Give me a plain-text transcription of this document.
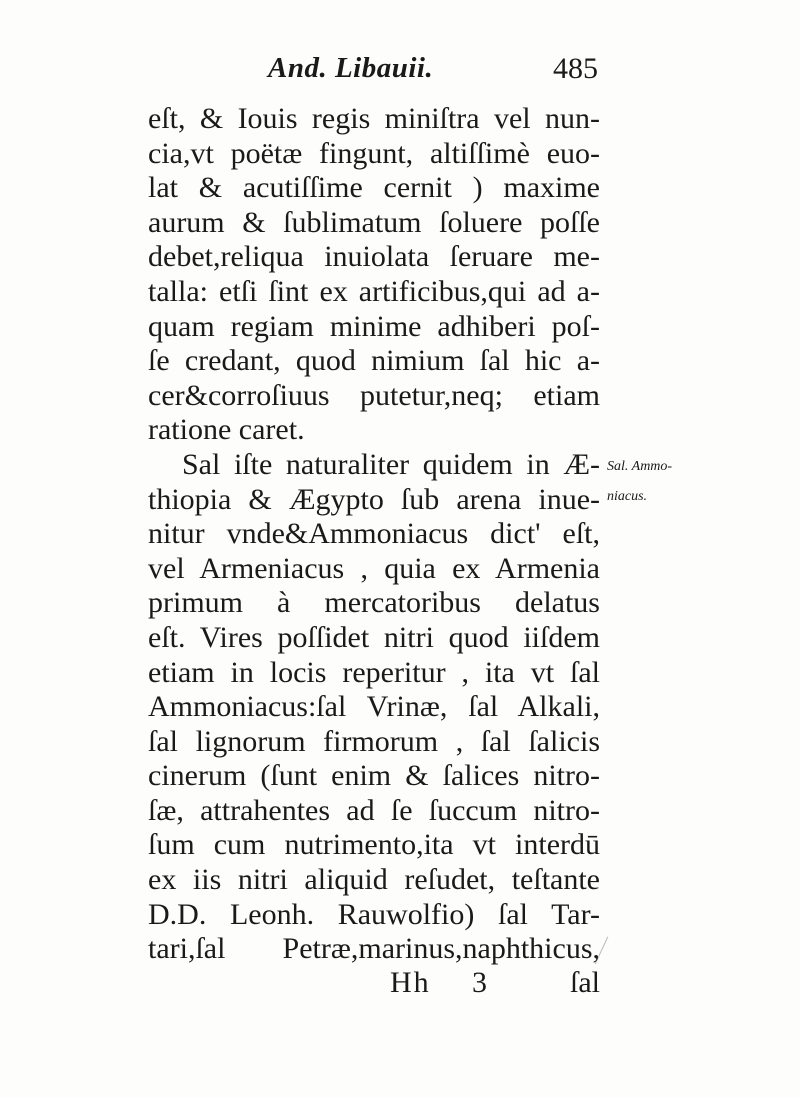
And. Libauii.	485
eſt, & Iouis regis miniſtra vel nun-
cia,vt poëtæ fingunt, altiſſimè euo-
lat & acutiſſime cernit ) maxime
aurum & ſublimatum ſoluere poſſe
debet,reliqua inuiolata ſeruare me-
talla: etſi ſint ex artificibus,qui ad a-
quam regiam minime adhiberi poſ-
ſe credant, quod nimium ſal hic a-
cer&corroſiuus putetur,neq; etiam
ratione caret.
Sal iſte naturaliter quidem in Æ-
thiopia & Ægypto ſub arena inue-
nitur vnde&Ammoniacus dict' eſt,
vel Armeniacus , quia ex Armenia
primum à mercatoribus delatus
eſt. Vires poſſidet nitri quod iiſdem
etiam in locis reperitur , ita vt ſal
Ammoniacus:ſal Vrinæ, ſal Alkali,
ſal lignorum firmorum , ſal ſalicis
cinerum (ſunt enim & ſalices nitro-
ſæ, attrahentes ad ſe ſuccum nitro-
ſum cum nutrimento,ita vt interdū
ex iis nitri aliquid reſudet, teſtante
D.D. Leonh. Rauwolfio) ſal Tar-
tari,ſal Petræ,marinus,naphthicus,
Sal. Ammo-
niacus.
Hh 3	ſal
